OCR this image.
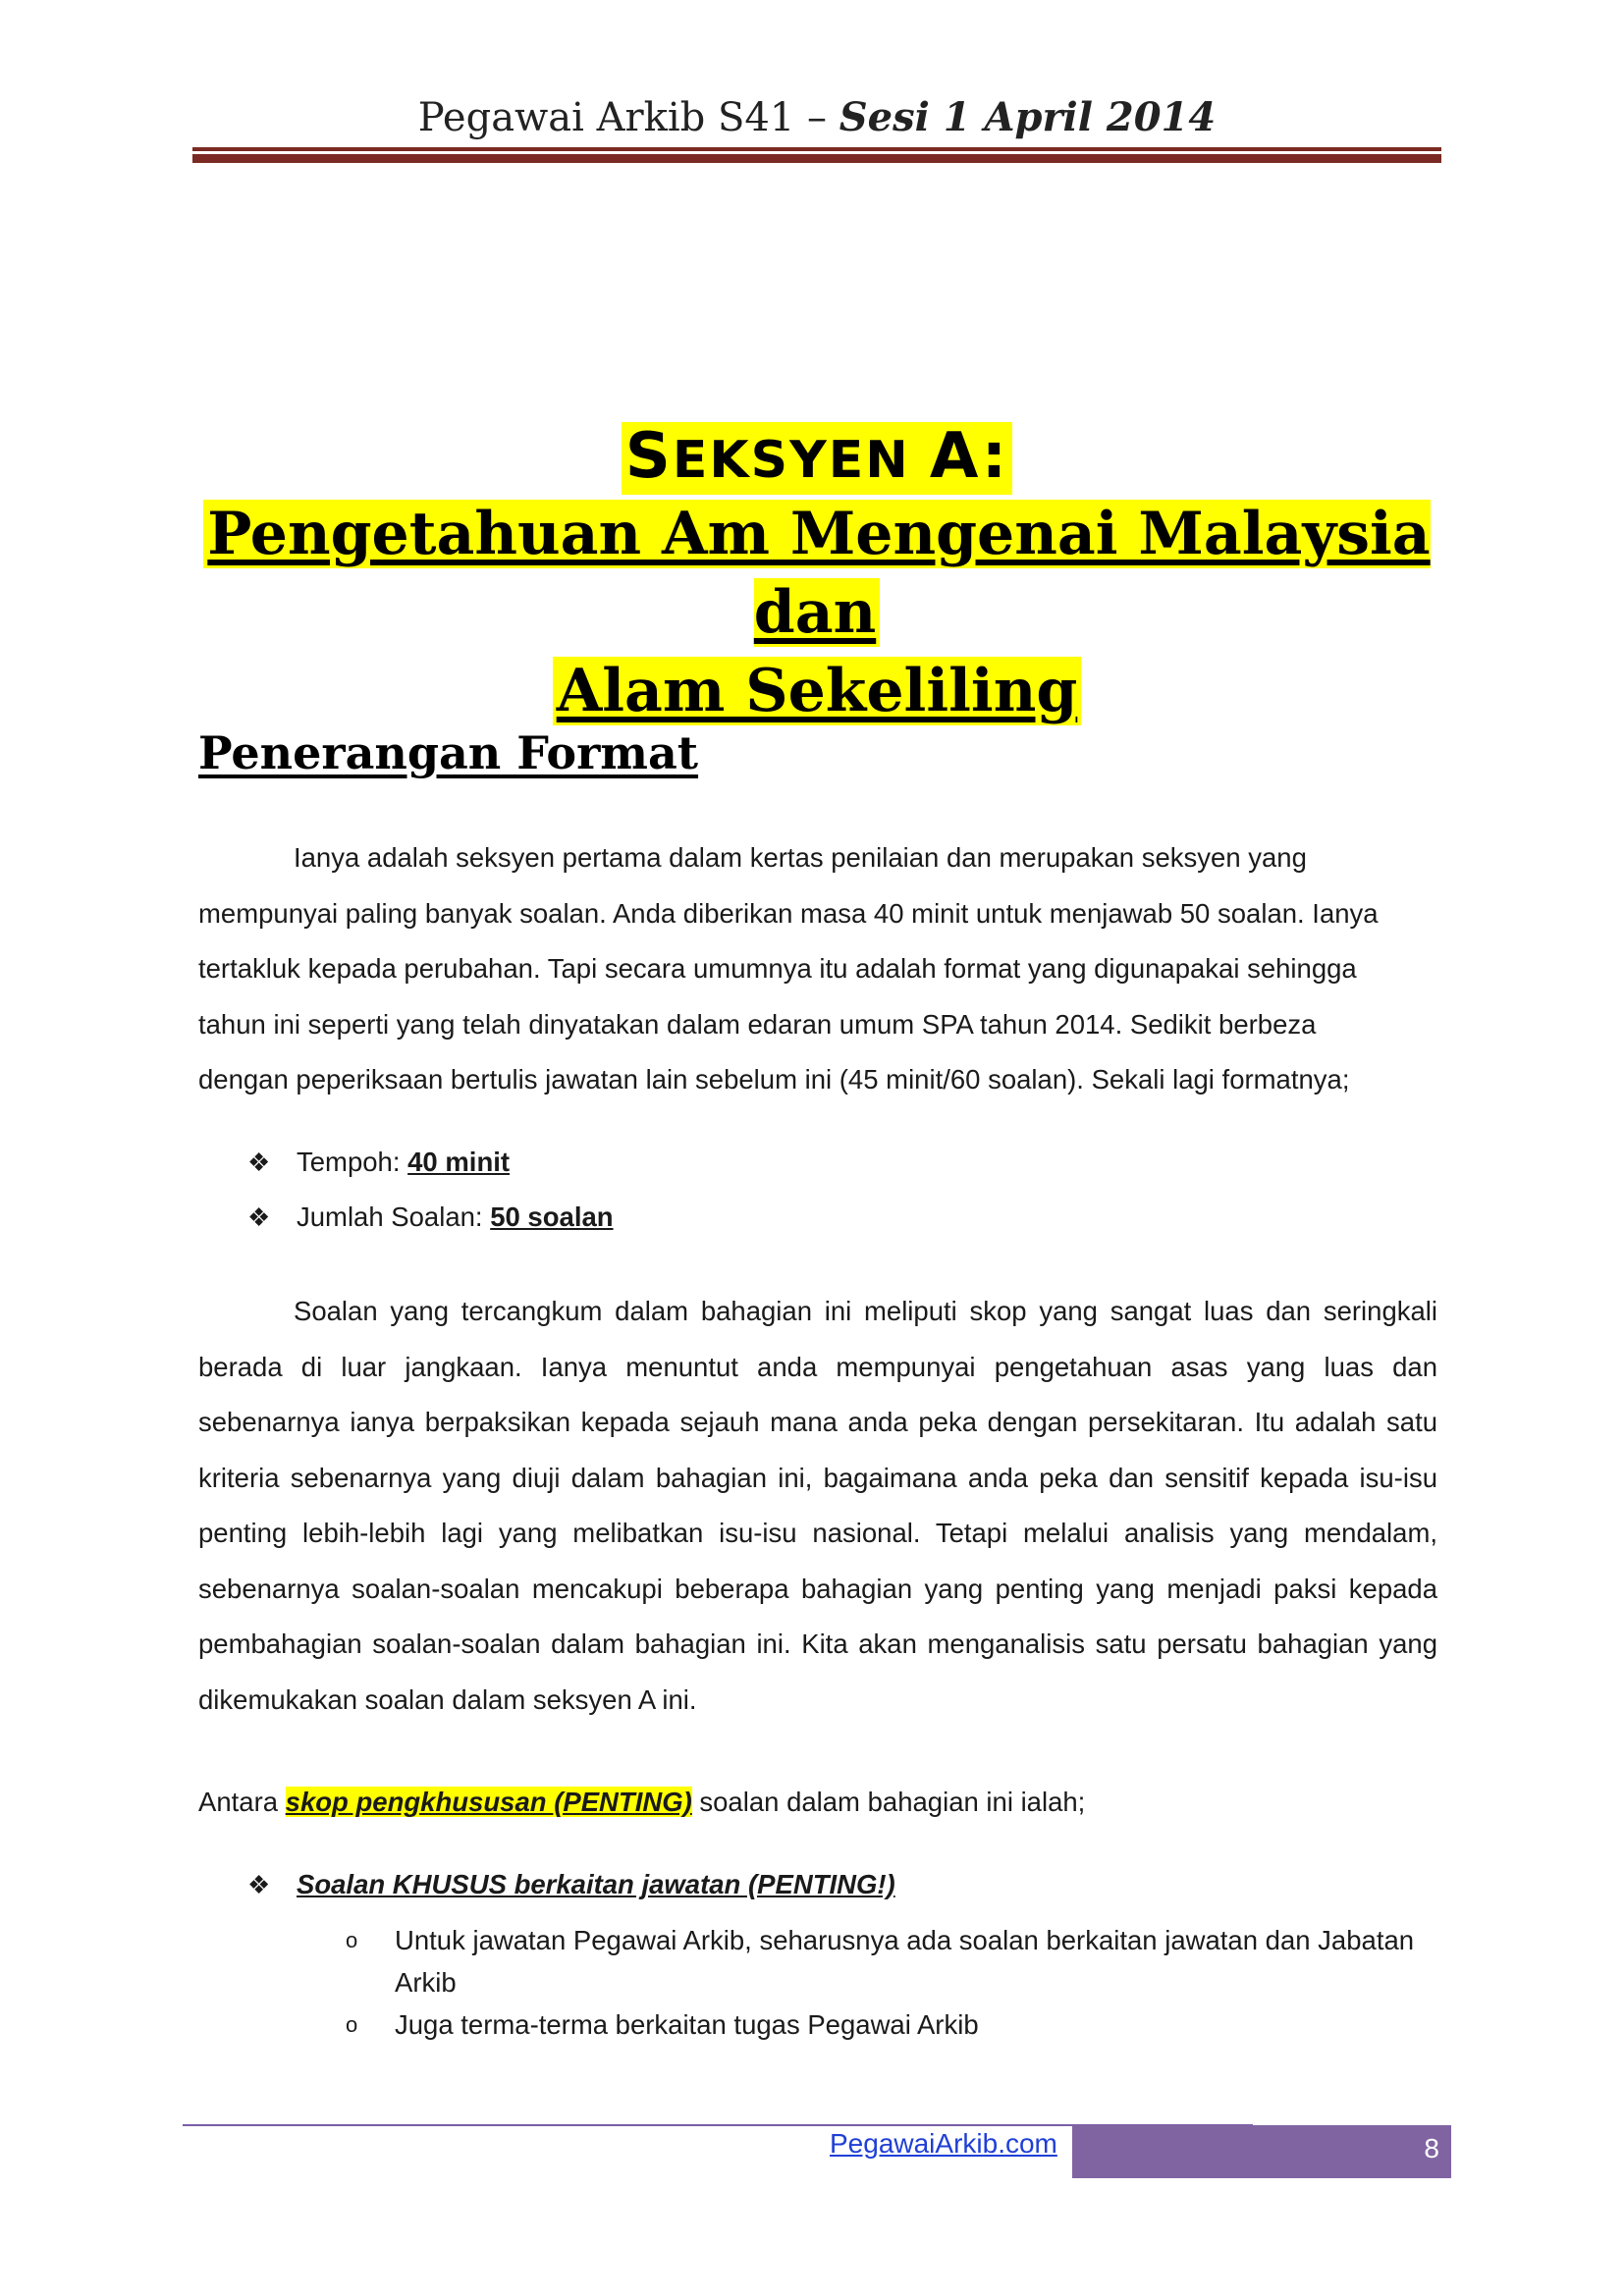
Pegawai Arkib S41 – Sesi 1 April 2014
SEKSYEN A:
Pengetahuan Am Mengenai Malaysia dan
Alam Sekeliling
Penerangan Format
Ianya adalah seksyen pertama dalam kertas penilaian dan merupakan seksyen yang
mempunyai paling banyak soalan. Anda diberikan masa 40 minit untuk menjawab 50 soalan. Ianya
tertakluk kepada perubahan. Tapi secara umumnya itu adalah format yang digunapakai sehingga
tahun ini seperti yang telah dinyatakan dalam edaran umum SPA tahun 2014. Sedikit berbeza
dengan peperiksaan bertulis jawatan lain sebelum ini (45 minit/60 soalan). Sekali lagi formatnya;
❖ Tempoh: 40 minit
❖ Jumlah Soalan: 50 soalan
Soalan yang tercangkum dalam bahagian ini meliputi skop yang sangat luas dan seringkali
berada di luar jangkaan. Ianya menuntut anda mempunyai pengetahuan asas yang luas dan
sebenarnya ianya berpaksikan kepada sejauh mana anda peka dengan persekitaran. Itu adalah satu
kriteria sebenarnya yang diuji dalam bahagian ini, bagaimana anda peka dan sensitif kepada isu-isu
penting lebih-lebih lagi yang melibatkan isu-isu nasional. Tetapi melalui analisis yang mendalam,
sebenarnya soalan-soalan mencakupi beberapa bahagian yang penting yang menjadi paksi kepada
pembahagian soalan-soalan dalam bahagian ini. Kita akan menganalisis satu persatu bahagian yang
dikemukakan soalan dalam seksyen A ini.
Antara skop pengkhususan (PENTING) soalan dalam bahagian ini ialah;
❖ Soalan KHUSUS berkaitan jawatan (PENTING!)
o Untuk jawatan Pegawai Arkib, seharusnya ada soalan berkaitan jawatan dan Jabatan Arkib
o Juga terma-terma berkaitan tugas Pegawai Arkib
PegawaiArkib.com	8
